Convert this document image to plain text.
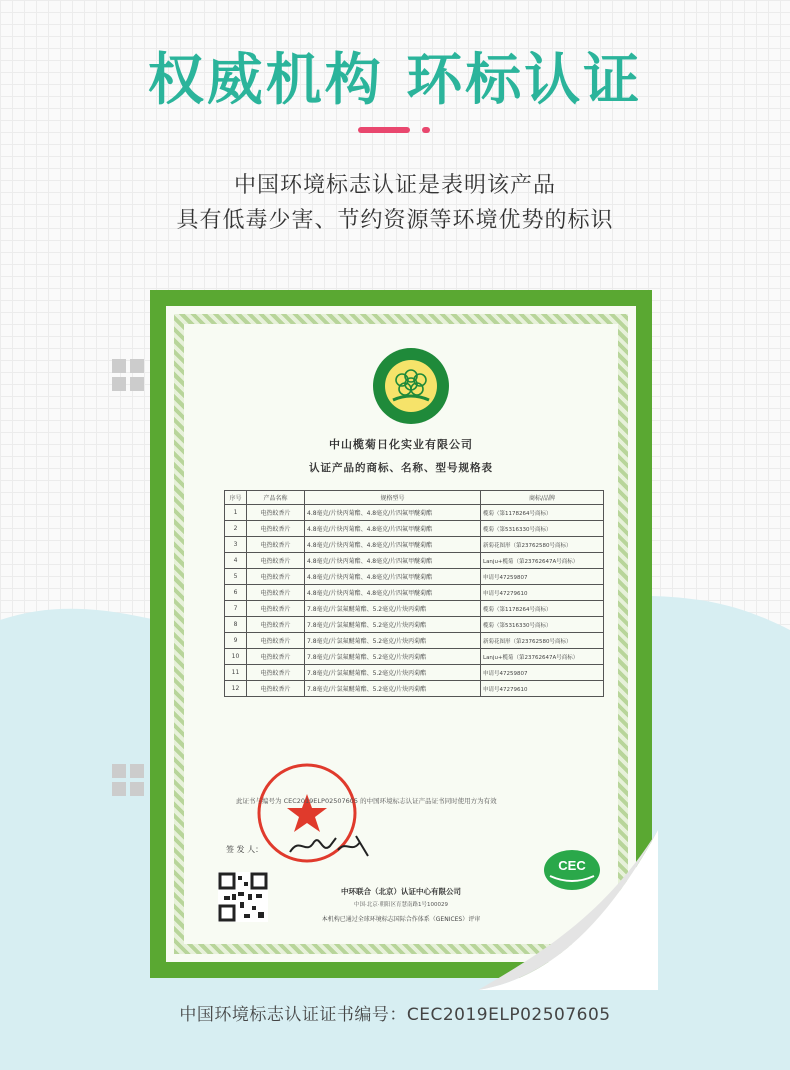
权威机构 环标认证
中国环境标志认证是表明该产品
具有低毒少害、节约资源等环境优势的标识
中山榄菊日化实业有限公司
认证产品的商标、名称、型号规格表
序号	产品名称	规格型号	商标/品牌
1	电热蚊香片	4.8毫克/片炔丙菊酯、4.8毫克/片四氟甲醚菊酯	榄菊（第1178264号商标）
2	电热蚊香片	4.8毫克/片炔丙菊酯、4.8毫克/片四氟甲醚菊酯	榄菊（第5316330号商标）
3	电热蚊香片	4.8毫克/片炔丙菊酯、4.8毫克/片四氟甲醚菊酯	新菊花图形（第23762580号商标）
4	电热蚊香片	4.8毫克/片炔丙菊酯、4.8毫克/片四氟甲醚菊酯	Lanju+榄菊（第23762647A号商标）
5	电热蚊香片	4.8毫克/片炔丙菊酯、4.8毫克/片四氟甲醚菊酯	申请号47259807
6	电热蚊香片	4.8毫克/片炔丙菊酯、4.8毫克/片四氟甲醚菊酯	申请号47279610
7	电热蚊香片	7.8毫克/片氯氟醚菊酯、5.2毫克/片炔丙菊酯	榄菊（第1178264号商标）
8	电热蚊香片	7.8毫克/片氯氟醚菊酯、5.2毫克/片炔丙菊酯	榄菊（第5316330号商标）
9	电热蚊香片	7.8毫克/片氯氟醚菊酯、5.2毫克/片炔丙菊酯	新菊花图形（第23762580号商标）
10	电热蚊香片	7.8毫克/片氯氟醚菊酯、5.2毫克/片炔丙菊酯	Lanju+榄菊（第23762647A号商标）
11	电热蚊香片	7.8毫克/片氯氟醚菊酯、5.2毫克/片炔丙菊酯	申请号47259807
12	电热蚊香片	7.8毫克/片氯氟醚菊酯、5.2毫克/片炔丙菊酯	申请号47279610
此证书与编号为 CEC2019ELP02507605 的中国环境标志认证产品证书同时使用方为有效
签 发 人：
中环联合（北京）认证中心有限公司
中国·北京·朝阳区育慧南路1号100029
本机构已通过全球环境标志国际合作体系（GENICES）评审
CEC
中国环境标志认证证书编号：CEC2019ELP02507605
